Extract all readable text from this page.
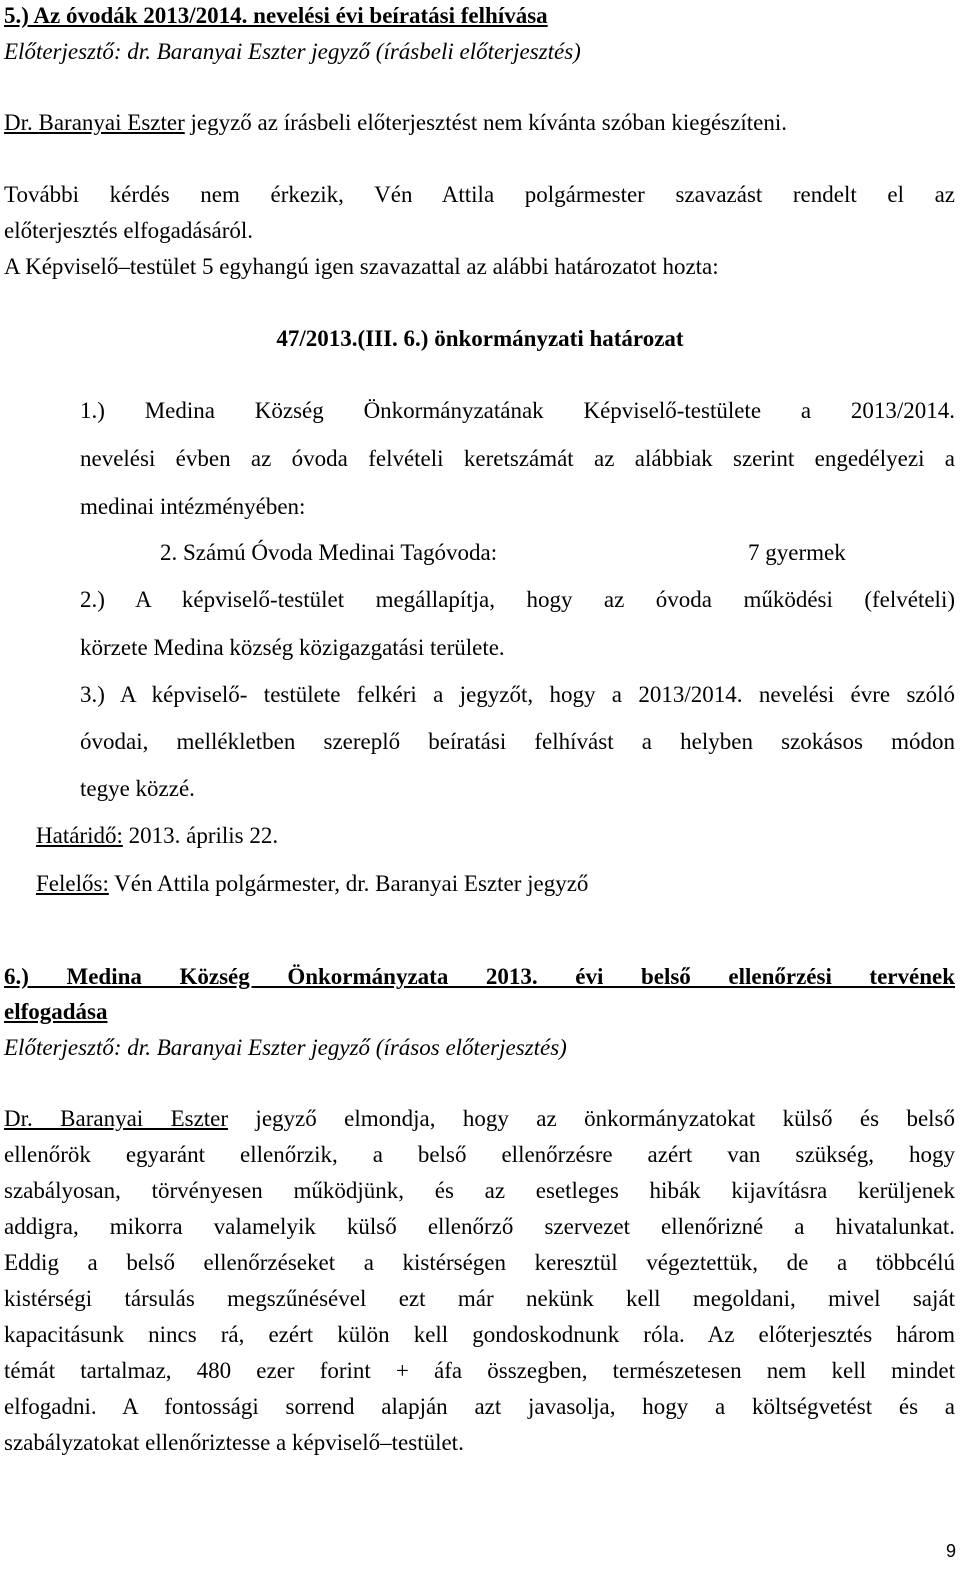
5.) Az óvodák 2013/2014. nevelési évi beíratási felhívása
Előterjesztő: dr. Baranyai Eszter jegyző (írásbeli előterjesztés)
Dr. Baranyai Eszter jegyző az írásbeli előterjesztést nem kívánta szóban kiegészíteni.
További kérdés nem érkezik, Vén Attila polgármester szavazást rendelt el az
előterjesztés elfogadásáról.
A Képviselő–testület 5 egyhangú igen szavazattal az alábbi határozatot hozta:
47/2013.(III. 6.) önkormányzati határozat
1.) Medina Község Önkormányzatának Képviselő-testülete a 2013/2014.
nevelési évben az óvoda felvételi keretszámát az alábbiak szerint engedélyezi a
medinai intézményében:
2. Számú Óvoda Medinai Tagóvoda:	7 gyermek
2.) A képviselő-testület megállapítja, hogy az óvoda működési (felvételi)
körzete Medina község közigazgatási területe.
3.) A képviselő- testülete felkéri a jegyzőt, hogy a 2013/2014. nevelési évre szóló
óvodai, mellékletben szereplő beíratási felhívást a helyben szokásos módon
tegye közzé.
Határidő: 2013. április 22.
Felelős: Vén Attila polgármester, dr. Baranyai Eszter jegyző
6.) Medina Község Önkormányzata 2013. évi belső ellenőrzési tervének
elfogadása
Előterjesztő: dr. Baranyai Eszter jegyző (írásos előterjesztés)
Dr. Baranyai Eszter jegyző elmondja, hogy az önkormányzatokat külső és belső
ellenőrök egyaránt ellenőrzik, a belső ellenőrzésre azért van szükség, hogy
szabályosan, törvényesen működjünk, és az esetleges hibák kijavításra kerüljenek
addigra, mikorra valamelyik külső ellenőrző szervezet ellenőrizné a hivatalunkat.
Eddig a belső ellenőrzéseket a kistérségen keresztül végeztettük, de a többcélú
kistérségi társulás megszűnésével ezt már nekünk kell megoldani, mivel saját
kapacitásunk nincs rá, ezért külön kell gondoskodnunk róla. Az előterjesztés három
témát tartalmaz, 480 ezer forint + áfa összegben, természetesen nem kell mindet
elfogadni. A fontossági sorrend alapján azt javasolja, hogy a költségvetést és a
szabályzatokat ellenőriztesse a képviselő–testület.
9
